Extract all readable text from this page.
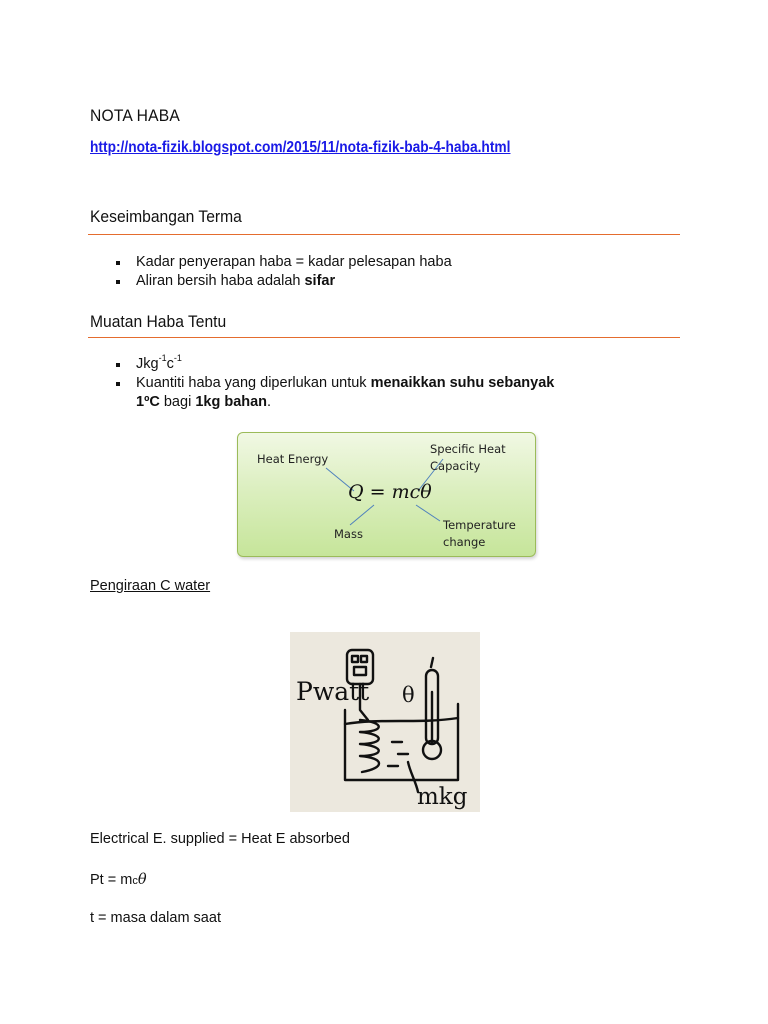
NOTA HABA
http://nota-fizik.blogspot.com/2015/11/nota-fizik-bab-4-haba.html
Keseimbangan Terma
Kadar penyerapan haba = kadar pelesapan haba
Aliran bersih haba adalah sifar
Muatan Haba Tentu
$Jkg^{-1}c^{-1}$
Kuantiti haba yang diperlukan untuk menaikkan suhu sebanyak
1ºC bagi 1kg bahan.
Heat Energy
Specific Heat
Capacity
Q = mcθ
Mass
Temperature
change
Pengiraan C water
Pwatt θ
mkg
Electrical E. supplied = Heat E absorbed
Pt = mcθ
t = masa dalam saat
